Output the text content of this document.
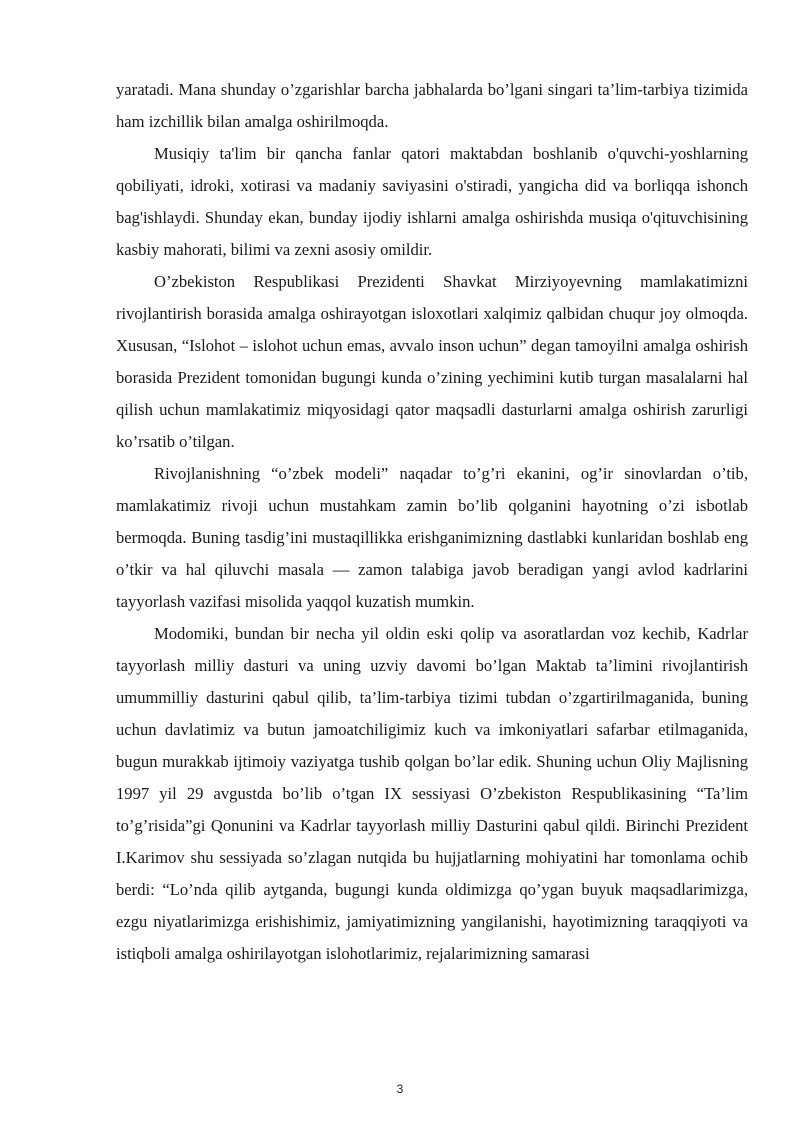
yaratadi. Mana shunday o’zgarishlar barcha jabhalarda bo’lgani singari ta’lim-tarbiya tizimida ham izchillik bilan amalga oshirilmoqda.

Musiqiy ta'lim bir qancha fanlar qatori maktabdan boshlanib o'quvchi-yoshlarning qobiliyati, idroki, xotirasi va madaniy saviyasini o'stiradi, yangicha did va borliqqa ishonch bag'ishlaydi. Shunday ekan, bunday ijodiy ishlarni amalga oshirishda musiqa o'qituvchisining kasbiy mahorati, bilimi va zexni asosiy omildir.

O’zbekiston Respublikasi Prezidenti Shavkat Mirziyoyevning mamlakatimizni rivojlantirish borasida amalga oshirayotgan isloxotlari xalqimiz qalbidan chuqur joy olmoqda. Xususan, “Islohot – islohot uchun emas, avvalo inson uchun” degan tamoyilni amalga oshirish borasida Prezident tomonidan bugungi kunda o’zining yechimini kutib turgan masalalarni hal qilish uchun mamlakatimiz miqyosidagi qator maqsadli dasturlarni amalga oshirish zarurligi ko’rsatib o’tilgan.

Rivojlanishning “o’zbek modeli” naqadar to’g’ri ekanini, og’ir sinovlardan o’tib, mamlakatimiz rivoji uchun mustahkam zamin bo’lib qolganini hayotning o’zi isbotlab bermoqda. Buning tasdig’ini mustaqillikka erishganimizning dastlabki kunlaridan boshlab eng o’tkir va hal qiluvchi masala — zamon talabiga javob beradigan yangi avlod kadrlarini tayyorlash vazifasi misolida yaqqol kuzatish mumkin.

Modomiki, bundan bir necha yil oldin eski qolip va asoratlardan voz kechib, Kadrlar tayyorlash milliy dasturi va uning uzviy davomi bo’lgan Maktab ta’limini rivojlantirish umummilliy dasturini qabul qilib, ta’lim-tarbiya tizimi tubdan o’zgartirilmaganida, buning uchun davlatimiz va butun jamoatchiligimiz kuch va imkoniyatlari safarbar etilmaganida, bugun murakkab ijtimoiy vaziyatga tushib qolgan bo’lar edik. Shuning uchun Oliy Majlisning 1997 yil 29 avgustda bo’lib o’tgan IX sessiyasi O’zbekiston Respublikasining “Ta’lim to’g’risida”gi Qonunini va Kadrlar tayyorlash milliy Dasturini qabul qildi. Birinchi Prezident I.Karimov shu sessiyada so’zlagan nutqida bu hujjatlarning mohiyatini har tomonlama ochib berdi: “Lo’nda qilib aytganda, bugungi kunda oldimizga qo’ygan buyuk maqsadlarimizga, ezgu niyatlarimizga erishishimiz, jamiyatimizning yangilanishi, hayotimizning taraqqiyoti va istiqboli amalga oshirilayotgan islohotlarimiz, rejalarimizning samarasi

3
